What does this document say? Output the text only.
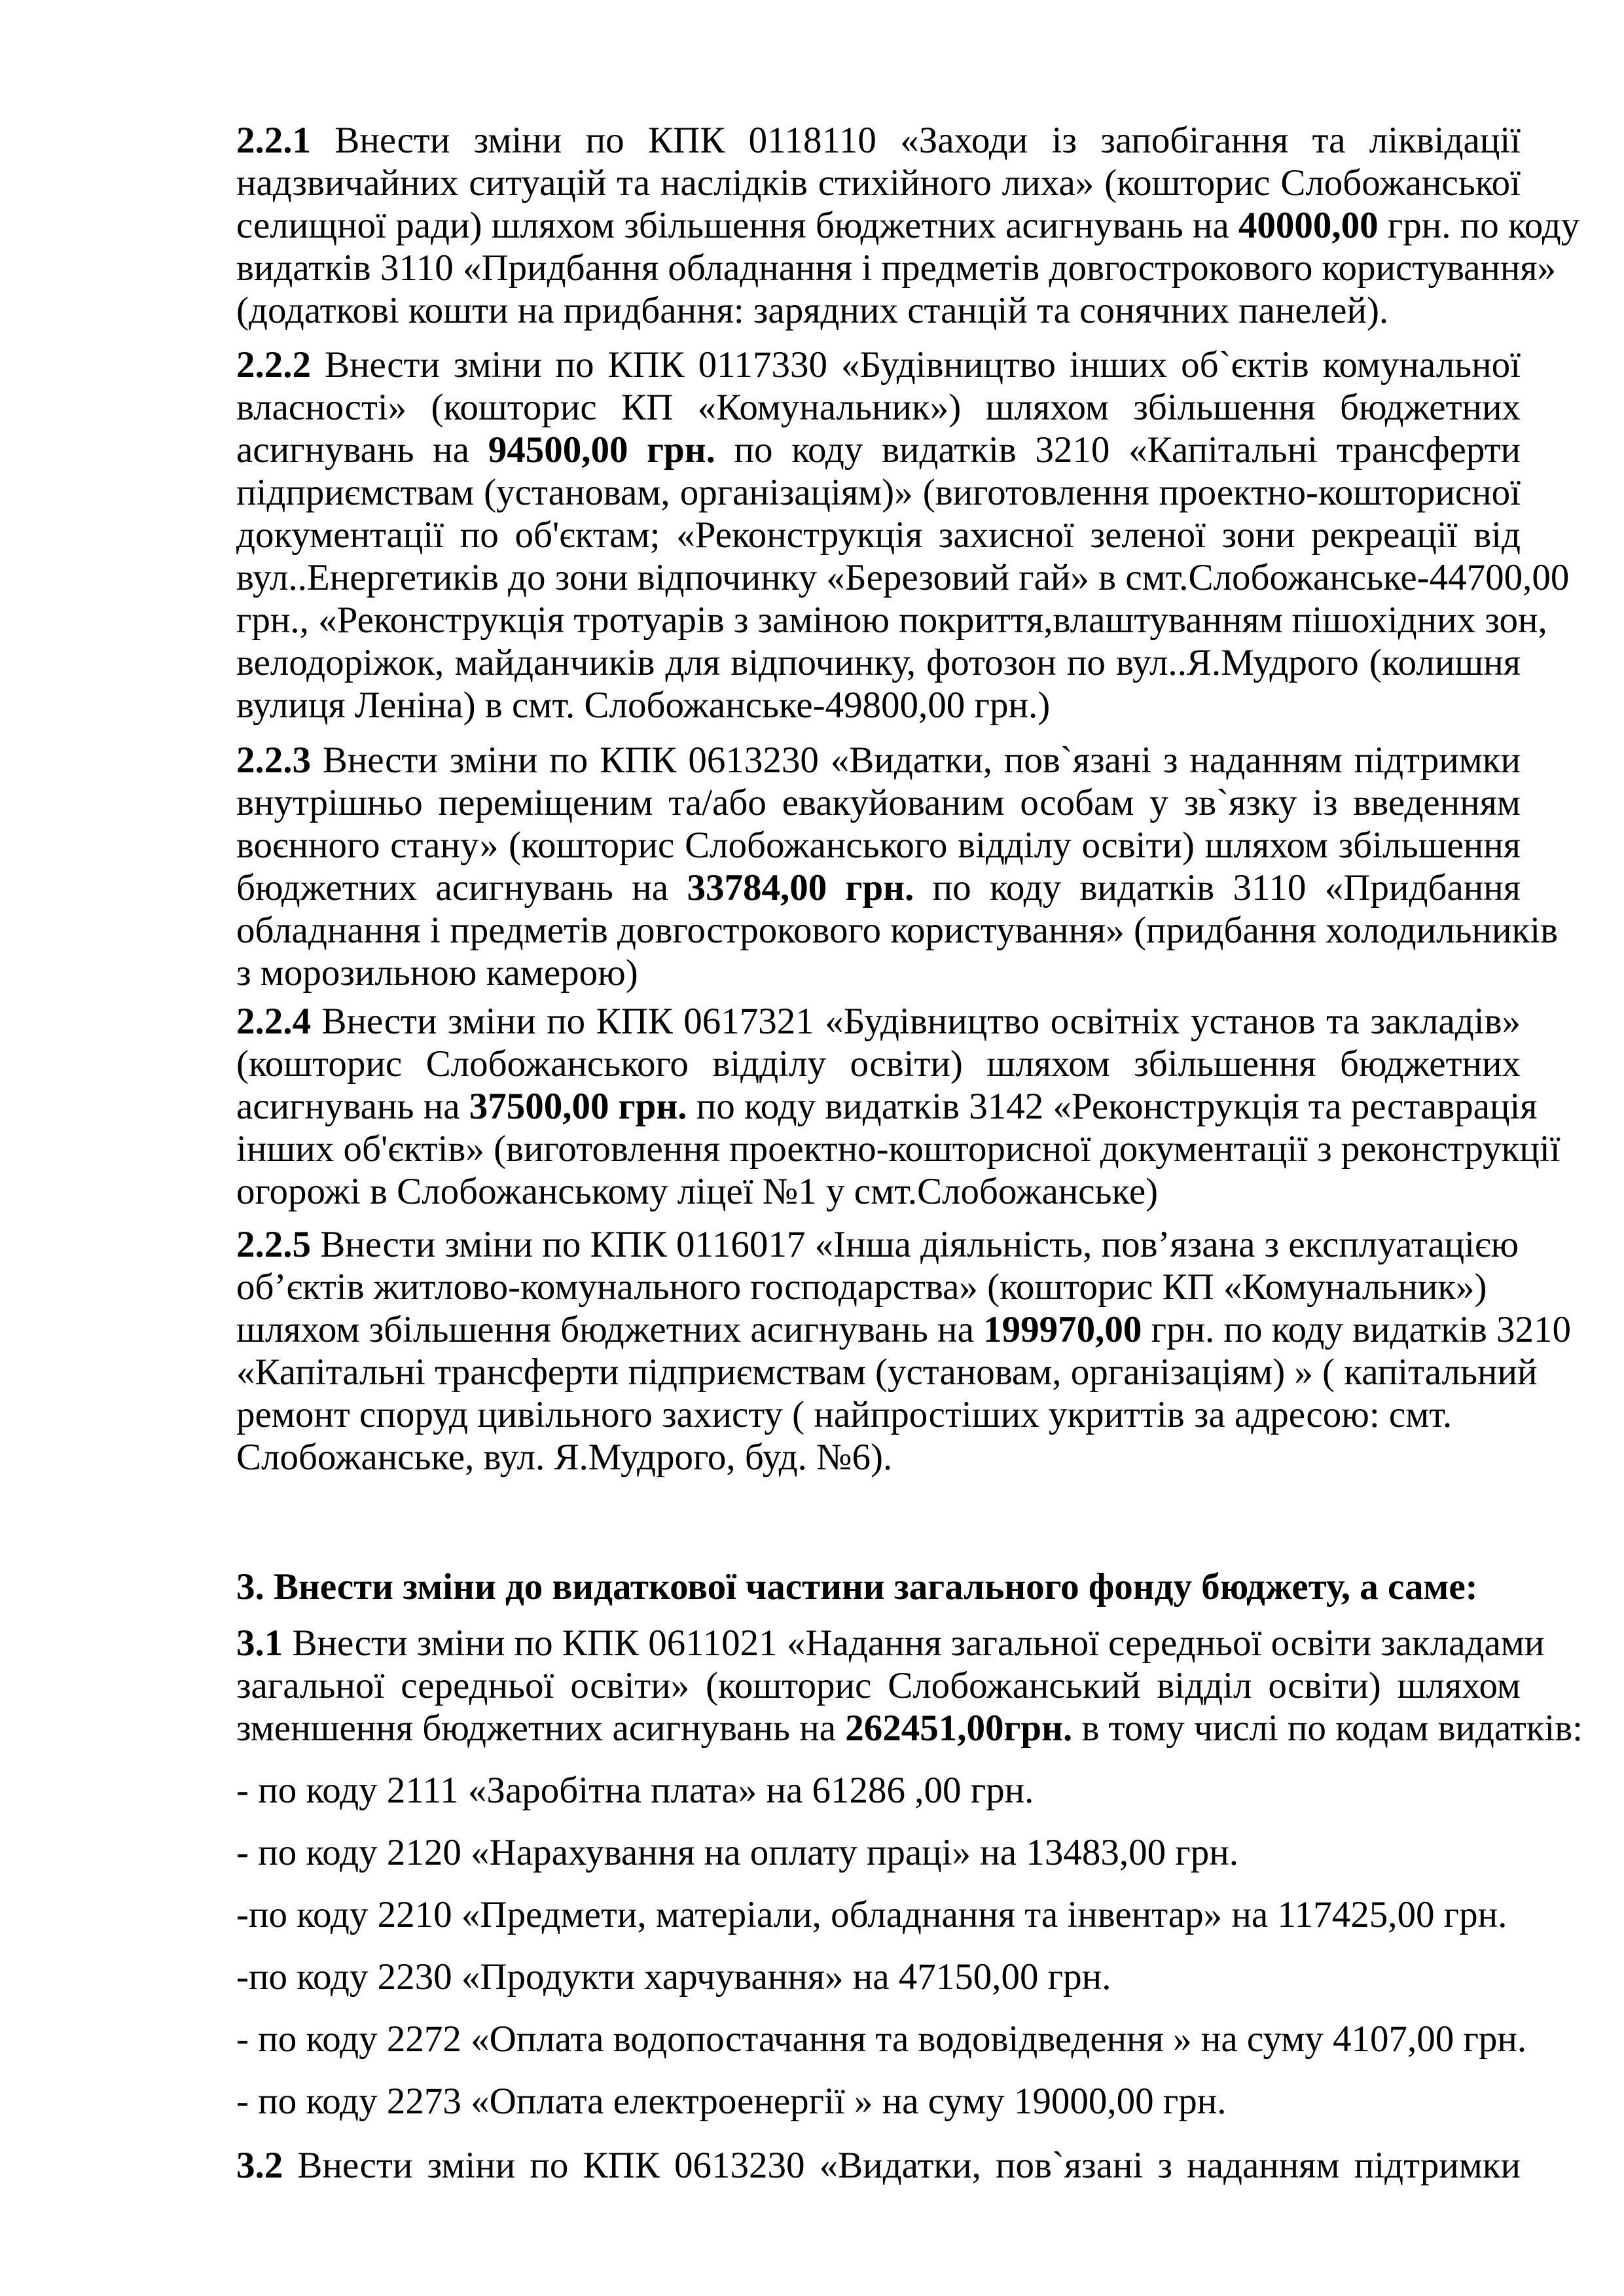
2.2.1 Внести зміни по КПК 0118110 «Заходи із запобігання та ліквідації
надзвичайних ситуацій та наслідків стихійного лиха» (кошторис Слобожанської
селищної ради) шляхом збільшення бюджетних асигнувань на 40000,00 грн. по коду
видатків 3110 «Придбання обладнання і предметів довгострокового користування»
(додаткові кошти на придбання: зарядних станцій та сонячних панелей).
2.2.2 Внести зміни по КПК 0117330 «Будівництво інших об`єктів комунальної
власності» (кошторис КП «Комунальник») шляхом збільшення бюджетних
асигнувань на 94500,00 грн. по коду видатків 3210 «Капітальні трансферти
підприємствам (установам, організаціям)» (виготовлення проектно-кошторисної
документації по об'єктам; «Реконструкція захисної зеленої зони рекреації від
вул..Енергетиків до зони відпочинку «Березовий гай» в смт.Слобожанське-44700,00
грн., «Реконструкція тротуарів з заміною покриття,влаштуванням пішохідних зон,
велодоріжок, майданчиків для відпочинку, фотозон по вул..Я.Мудрого (колишня
вулиця Леніна) в смт. Слобожанське-49800,00 грн.)
2.2.3 Внести зміни по КПК 0613230 «Видатки, пов`язані з наданням підтримки
внутрішньо переміщеним та/або евакуйованим особам у зв`язку із введенням
воєнного стану» (кошторис Слобожанського відділу освіти) шляхом збільшення
бюджетних асигнувань на 33784,00 грн. по коду видатків 3110 «Придбання
обладнання і предметів довгострокового користування» (придбання холодильників
з морозильною камерою)
2.2.4 Внести зміни по КПК 0617321 «Будівництво освітніх установ та закладів»
(кошторис Слобожанського відділу освіти) шляхом збільшення бюджетних
асигнувань на 37500,00 грн. по коду видатків 3142 «Реконструкція та реставрація
інших об'єктів» (виготовлення проектно-кошторисної документації з реконструкції
огорожі в Слобожанському ліцеї №1 у смт.Слобожанське)
2.2.5 Внести зміни по КПК 0116017 «Інша діяльність, пов’язана з експлуатацією
об’єктів житлово-комунального господарства» (кошторис КП «Комунальник»)
шляхом збільшення бюджетних асигнувань на 199970,00 грн. по коду видатків 3210
«Капітальні трансферти підприємствам (установам, організаціям) » ( капітальний
ремонт споруд цивільного захисту ( найпростіших укриттів за адресою: смт.
Слобожанське, вул. Я.Мудрого, буд. №6).
3. Внести зміни до видаткової частини загального фонду бюджету, а саме:
3.1 Внести зміни по КПК 0611021 «Надання загальної середньої освіти закладами
загальної середньої освіти» (кошторис Слобожанський відділ освіти) шляхом
зменшення бюджетних асигнувань на 262451,00грн. в тому числі по кодам видатків:
- по коду 2111 «Заробітна плата» на 61286 ,00 грн.
- по коду 2120 «Нарахування на оплату праці» на 13483,00 грн.
-по коду 2210 «Предмети, матеріали, обладнання та інвентар» на 117425,00 грн.
-по коду 2230 «Продукти харчування» на 47150,00 грн.
- по коду 2272 «Оплата водопостачання та водовідведення » на суму 4107,00 грн.
- по коду 2273 «Оплата електроенергії » на суму 19000,00 грн.
3.2 Внести зміни по КПК 0613230 «Видатки, пов`язані з наданням підтримки
